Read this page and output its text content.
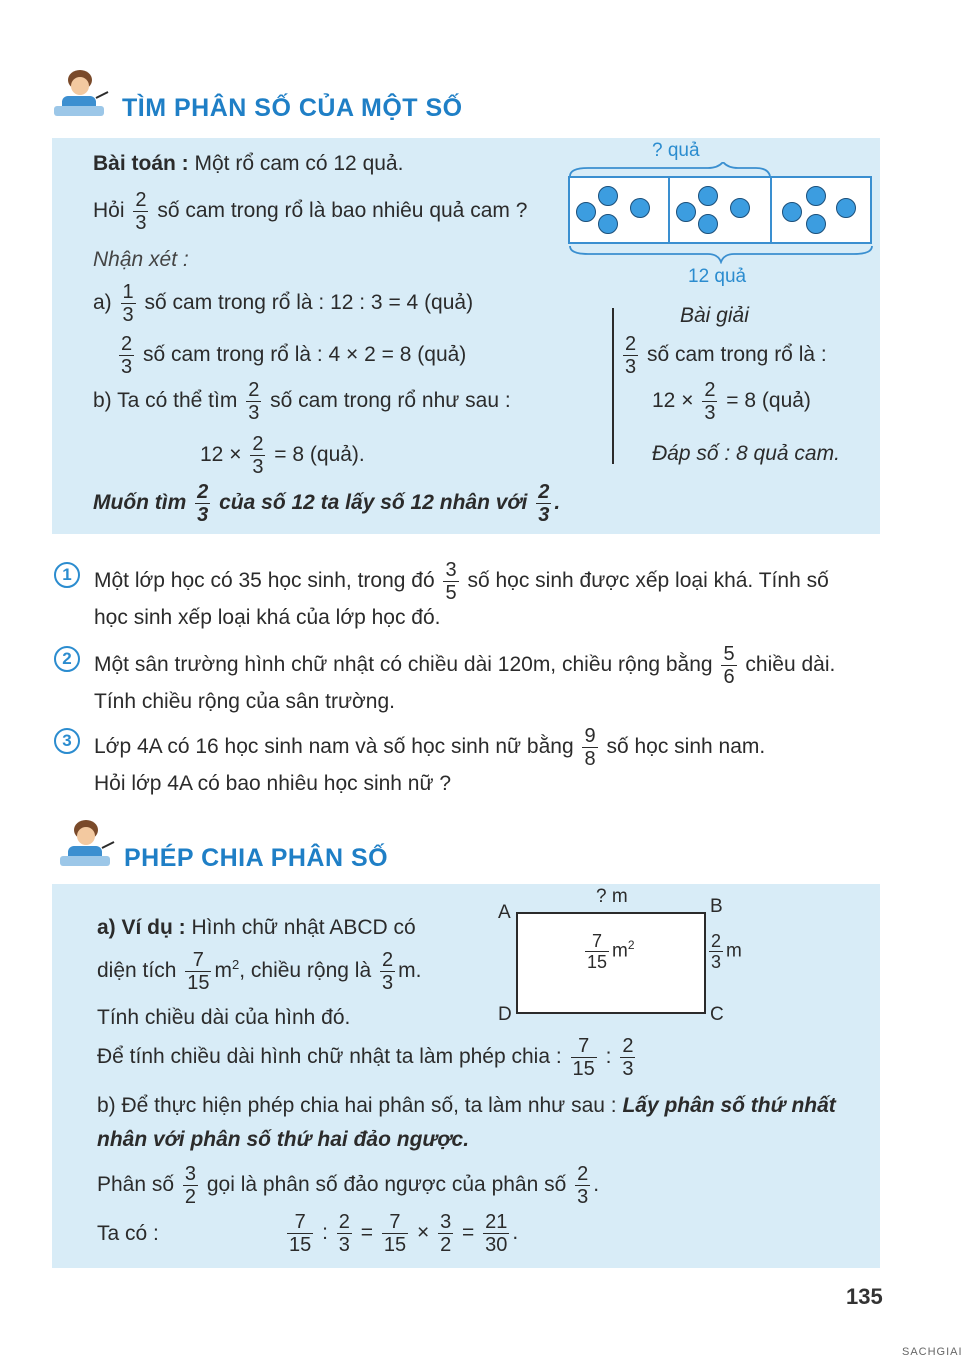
TÌM PHÂN SỐ CỦA MỘT SỐ
Bài toán : Một rổ cam có 12 quả.
Hỏi $\frac{2}{3}$ số cam trong rổ là bao nhiêu quả cam ?
Nhận xét :
$a) \frac{1}{3}$ số cam trong rổ là : 12 : 3 = 4 (quả)
$\frac{2}{3}$ số cam trong rổ là : 4 × 2 = 8 (quả)
b) Ta có thể tìm $\frac{2}{3}$ số cam trong rổ như sau :
$12 \times \frac{2}{3} = 8$ (quả).
Muốn tìm $\frac{2}{3}$ của số 12 ta lấy số 12 nhân với $\frac{2}{3}$ .
? quả
12 quả
Bài giải
$\frac{2}{3}$ số cam trong rổ là :
$12 \times \frac{2}{3} = 8$ (quả)
Đáp số : 8 quả cam.
1	Một lớp học có 35 học sinh, trong đó $\frac{3}{5}$ số học sinh được xếp loại khá. Tính số
học sinh xếp loại khá của lớp học đó.
2	Một sân trường hình chữ nhật có chiều dài 120m, chiều rộng bằng $\frac{5}{6}$ chiều dài.
Tính chiều rộng của sân trường.
3	Lớp 4A có 16 học sinh nam và số học sinh nữ bằng $\frac{9}{8}$ số học sinh nam.
Hỏi lớp 4A có bao nhiêu học sinh nữ ?
PHÉP CHIA PHÂN SỐ
a) Ví dụ : Hình chữ nhật ABCD có
diện tích $\frac{7}{15} m^2$, chiều rộng là $\frac{2}{3} m$.
Tính chiều dài của hình đó.
Để tính chiều dài hình chữ nhật ta làm phép chia : $\frac{7}{15}$ : $\frac{2}{3}$
? m
A	B
C
D
$\frac{7}{15} m^2$	$\frac{2}{3}$ m
b) Để thực hiện phép chia hai phân số, ta làm như sau : Lấy phân số thứ nhất
nhân với phân số thứ hai đảo ngược.
Phân số $\frac{3}{2}$ gọi là phân số đảo ngược của phân số $\frac{2}{3}$ .
Ta có :	$\frac{7}{15}$ : $\frac{2}{3} = \frac{7}{15} \times \frac{3}{2} = \frac{21}{30}$ .
135
SACHGIAI
